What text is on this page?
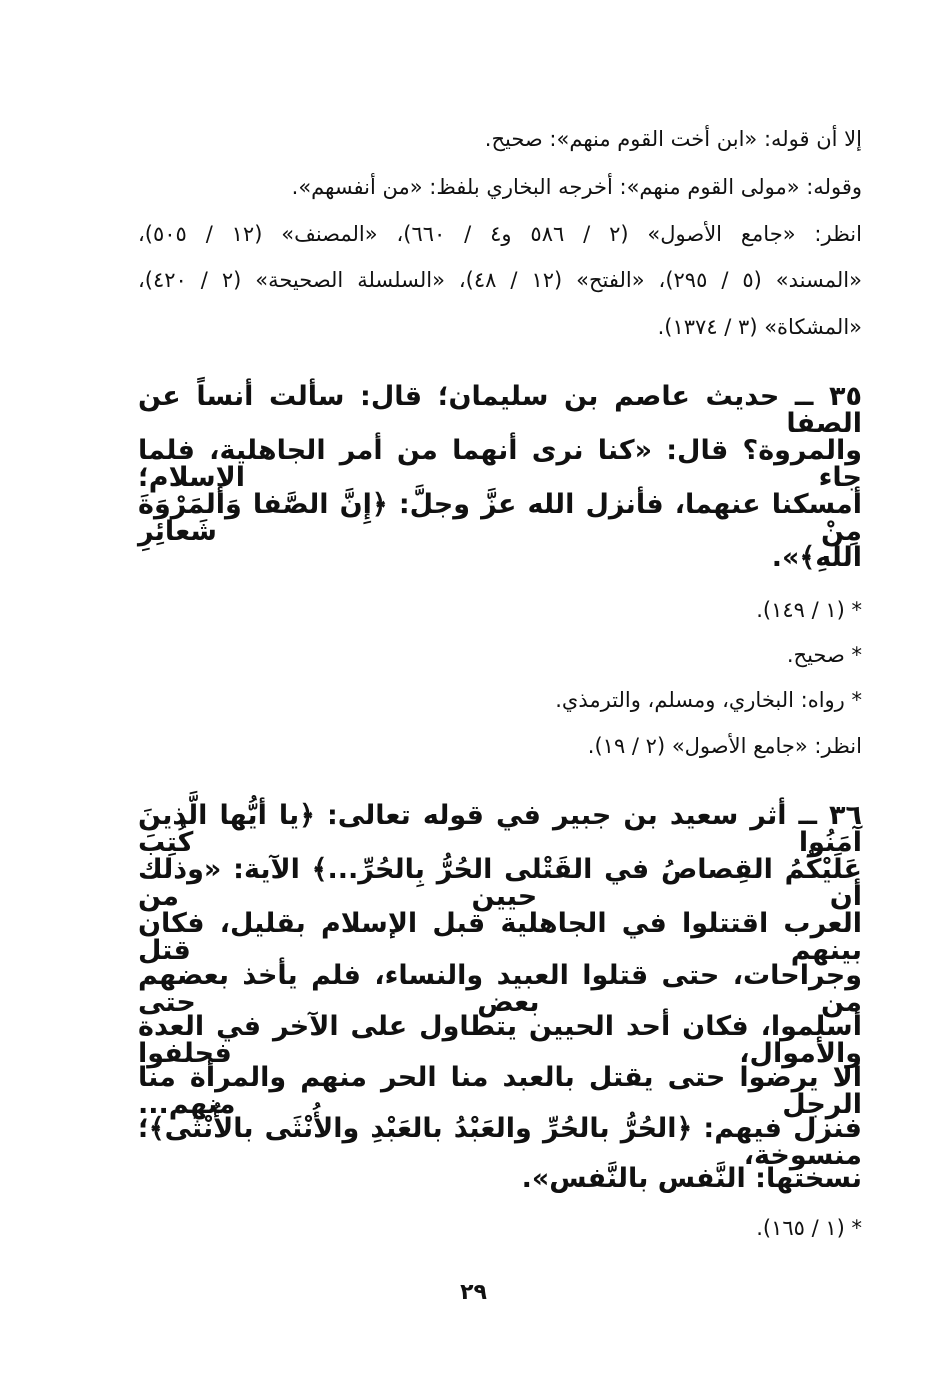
إلا أن قوله: «ابن أخت القوم منهم»: صحيح.
وقوله: «مولى القوم منهم»: أخرجه البخاري بلفظ: «من أنفسهم».
انظر: «جامع الأصول» (٢ / ٥٨٦ و٤ / ٦٦٠)، «المصنف» (١٢ / ٥٠٥)،
«المسند» (٥ / ٢٩٥)، «الفتح» (١٢ / ٤٨)، «السلسلة الصحيحة» (٢ / ٤٢٠)،
«المشكاة» (٣ / ١٣٧٤).
٣٥ ــ حديث عاصم بن سليمان؛ قال: سألت أنساً عن الصفا
والمروة؟ قال: «كنا نرى أنهما من أمر الجاهلية، فلما جاء الإسلام؛
أمسكنا عنهما، فأنزل الله عزَّ وجلَّ: ﴿إِنَّ الصَّفا وَالمَرْوَةَ مِنْ شَعائِرِ
اللهِ﴾».
* (١ / ١٤٩).
* صحيح.
* رواه: البخاري، ومسلم، والترمذي.
انظر: «جامع الأصول» (٢ / ١٩).
٣٦ ــ أثر سعيد بن جبير في قوله تعالى: ﴿يا أيُّها الَّذينَ آمَنُوا كُتِبَ
عَلَيْكُمُ القِصاصُ في القَتْلى الحُرُّ بِالحُرِّ...﴾ الآية: «وذلك أن حيين من
العرب اقتتلوا في الجاهلية قبل الإسلام بقليل، فكان بينهم قتل
وجراحات، حتى قتلوا العبيد والنساء، فلم يأخذ بعضهم من بعض حتى
أسلموا، فكان أحد الحيين يتطاول على الآخر في العدة والأموال، فحلفوا
ألا يرضوا حتى يقتل بالعبد منا الحر منهم والمرأة منا الرجل منهم...
فنزل فيهم: ﴿الحُرُّ بالحُرِّ والعَبْدُ بالعَبْدِ والأُنْثَى بالأُنْثَى﴾؛ منسوخة،
نسختها: النَّفس بالنَّفس».
* (١ / ١٦٥).
٢٩
